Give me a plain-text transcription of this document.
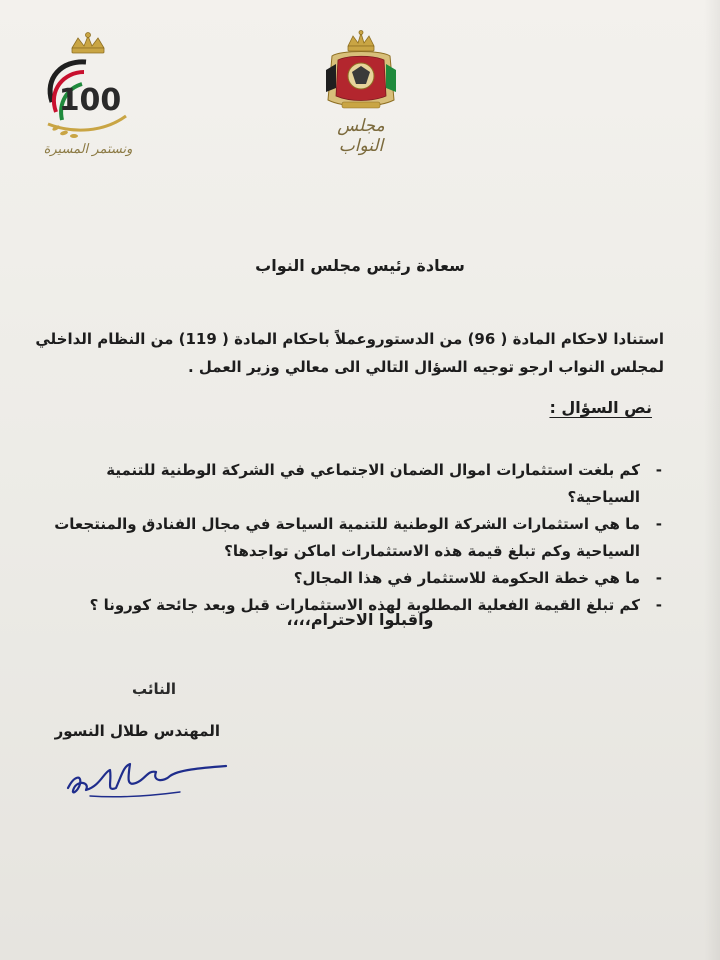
100
ونستمر المسيرة
مجلس النواب
سعادة رئيس مجلس النواب

استنادا لاحكام المادة ( 96) من الدستوروعملاً باحكام المادة ( 119) من النظام الداخلي

لمجلس النواب ارجو توجيه السؤال التالي الى معالي وزير العمل .

نص السؤال :
-
كم بلغت استثمارات اموال الضمان الاجتماعي في الشركة الوطنية للتنمية السياحية؟
-
ما هي استثمارات الشركة الوطنية للتنمية السياحة في مجال الفنادق والمنتجعات السياحية وكم تبلغ قيمة هذه الاستثمارات اماكن تواجدها؟
-
ما هي خطة الحكومة للاستثمار في هذا المجال؟
-
كم تبلغ القيمة الفعلية المطلوبة لهذه الاستثمارات قبل وبعد جائحة كورونا ؟
واقبلوا الاحترام،،،،
النائب
المهندس طلال النسور
